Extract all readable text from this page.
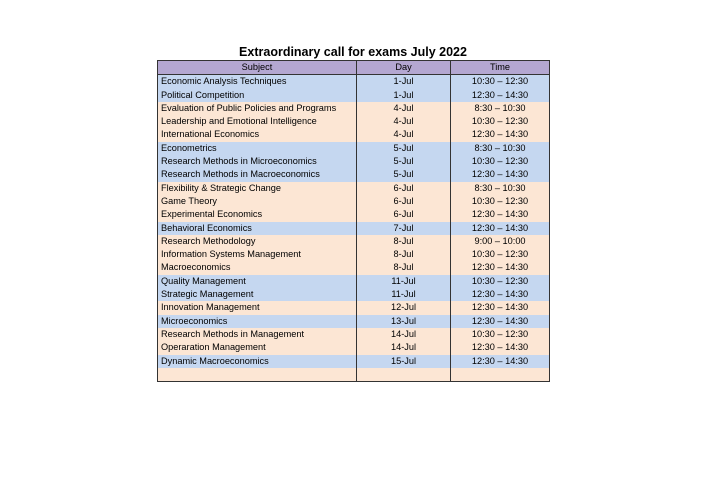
Extraordinary call for exams July 2022
Subject	Day	Time
Economic Analysis Techniques	1-Jul	10:30 – 12:30
Political Competition	1-Jul	12:30 – 14:30
Evaluation of Public Policies and Programs	4-Jul	8:30 – 10:30
Leadership and Emotional Intelligence	4-Jul	10:30 – 12:30
International Economics	4-Jul	12:30 – 14:30
Econometrics	5-Jul	8:30 – 10:30
Research Methods in Microeconomics	5-Jul	10:30 – 12:30
Research Methods in Macroeconomics	5-Jul	12:30 – 14:30
Flexibility & Strategic Change	6-Jul	8:30 – 10:30
Game Theory	6-Jul	10:30 – 12:30
Experimental Economics	6-Jul	12:30 – 14:30
Behavioral Economics	7-Jul	12:30 – 14:30
Research Methodology	8-Jul	9:00 – 10:00
Information Systems Management	8-Jul	10:30 – 12:30
Macroeconomics	8-Jul	12:30 – 14:30
Quality Management	11-Jul	10:30 – 12:30
Strategic Management	11-Jul	12:30 – 14:30
Innovation Management	12-Jul	12:30 – 14:30
Microeconomics	13-Jul	12:30 – 14:30
Research Methods in Management	14-Jul	10:30 – 12:30
Operaration Management	14-Jul	12:30 – 14:30
Dynamic Macroeconomics	15-Jul	12:30 – 14:30
